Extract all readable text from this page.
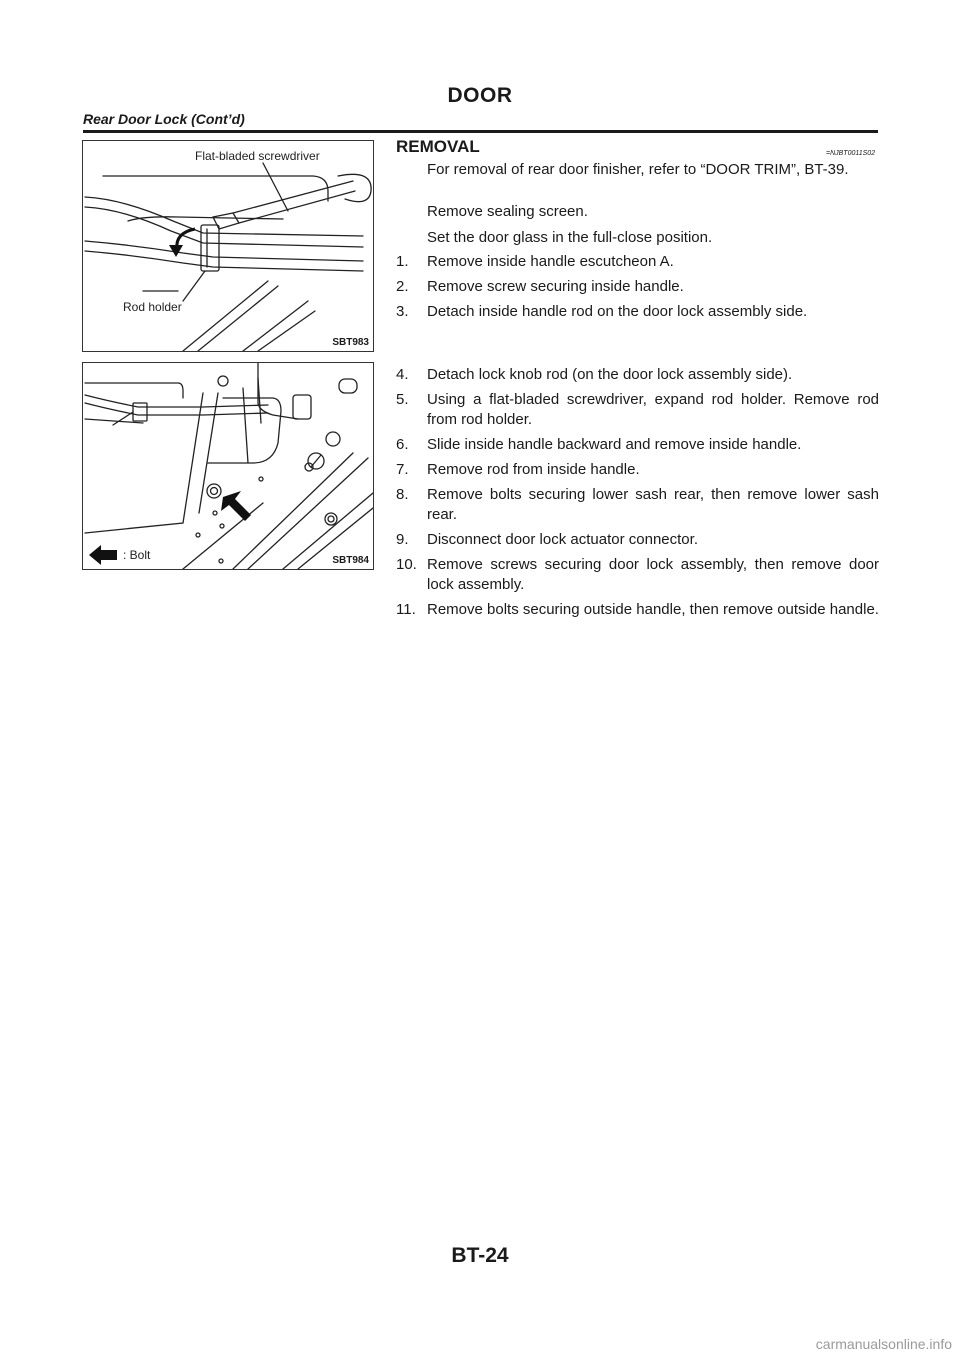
DOOR
Rear Door Lock (Cont’d)
Flat-bladed screwdriver
Rod holder
SBT983
: Bolt	SBT984
REMOVAL	=NJBT0011S02

For removal of rear door finisher, refer to “DOOR TRIM”, BT-39.

Remove sealing screen.

Set the door glass in the full-close position.

1. Remove inside handle escutcheon A.
2. Remove screw securing inside handle.
3. Detach inside handle rod on the door lock assembly side.
4. Detach lock knob rod (on the door lock assembly side).
5. Using a flat-bladed screwdriver, expand rod holder. Remove rod from rod holder.
6. Slide inside handle backward and remove inside handle.
7. Remove rod from inside handle.
8. Remove bolts securing lower sash rear, then remove lower sash rear.
9. Disconnect door lock actuator connector.
10. Remove screws securing door lock assembly, then remove door lock assembly.
11. Remove bolts securing outside handle, then remove outside handle.
BT-24
carmanualsonline.info
